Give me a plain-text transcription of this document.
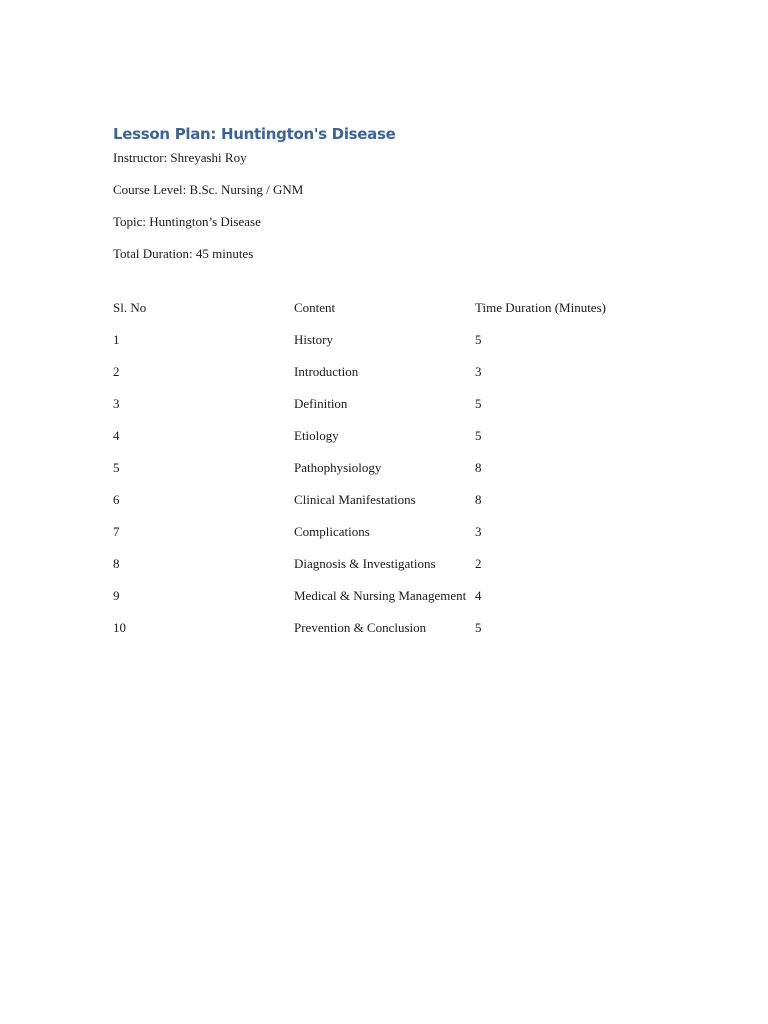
Lesson Plan: Huntington's Disease
Instructor: Shreyashi Roy
Course Level: B.Sc. Nursing / GNM
Topic: Huntington’s Disease
Total Duration: 45 minutes
Sl. No	Content	Time Duration (Minutes)
1	History	5
2	Introduction	3
3	Definition	5
4	Etiology	5
5	Pathophysiology	8
6	Clinical Manifestations	8
7	Complications	3
8	Diagnosis & Investigations	2
9	Medical & Nursing Management	4
10	Prevention & Conclusion	5
